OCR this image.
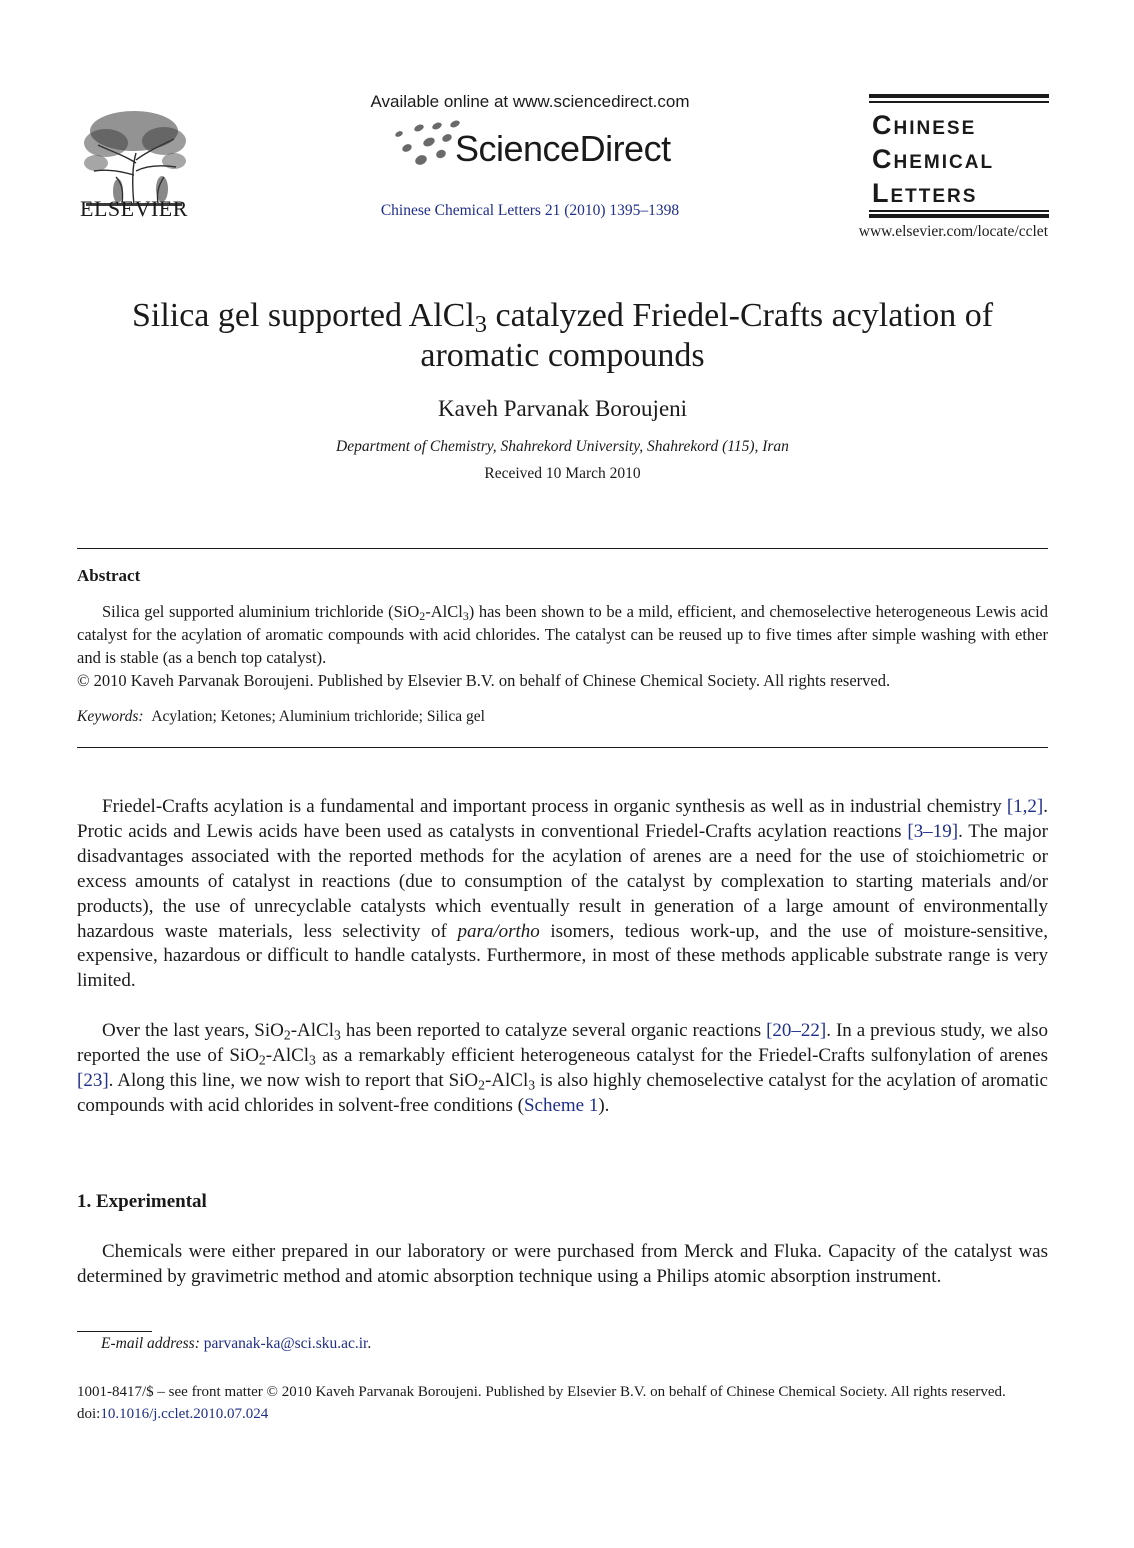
ELSEVIER
Available online at www.sciencedirect.com
ScienceDirect
Chinese Chemical Letters 21 (2010) 1395–1398
Chinese
Chemical
Letters
www.elsevier.com/locate/cclet
Silica gel supported AlCl$_3$ catalyzed Friedel-Crafts acylation of aromatic compounds
Kaveh Parvanak Boroujeni
Department of Chemistry, Shahrekord University, Shahrekord (115), Iran
Received 10 March 2010
Abstract

Silica gel supported aluminium trichloride (SiO$_2$-AlCl$_3$) has been shown to be a mild, efficient, and chemoselective heterogeneous Lewis acid catalyst for the acylation of aromatic compounds with acid chlorides. The catalyst can be reused up to five times after simple washing with ether and is stable (as a bench top catalyst).

© 2010 Kaveh Parvanak Boroujeni. Published by Elsevier B.V. on behalf of Chinese Chemical Society. All rights reserved.

Keywords: Acylation; Ketones; Aluminium trichloride; Silica gel

Friedel-Crafts acylation is a fundamental and important process in organic synthesis as well as in industrial chemistry [1,2]. Protic acids and Lewis acids have been used as catalysts in conventional Friedel-Crafts acylation reactions [3–19]. The major disadvantages associated with the reported methods for the acylation of arenes are a need for the use of stoichiometric or excess amounts of catalyst in reactions (due to consumption of the catalyst by complexation to starting materials and/or products), the use of unrecyclable catalysts which eventually result in generation of a large amount of environmentally hazardous waste materials, less selectivity of para/ortho isomers, tedious work-up, and the use of moisture-sensitive, expensive, hazardous or difficult to handle catalysts. Furthermore, in most of these methods applicable substrate range is very limited.

Over the last years, SiO$_2$-AlCl$_3$ has been reported to catalyze several organic reactions [20–22]. In a previous study, we also reported the use of SiO$_2$-AlCl$_3$ as a remarkably efficient heterogeneous catalyst for the Friedel-Crafts sulfonylation of arenes [23]. Along this line, we now wish to report that SiO$_2$-AlCl$_3$ is also highly chemoselective catalyst for the acylation of aromatic compounds with acid chlorides in solvent-free conditions (Scheme 1).

1. Experimental

Chemicals were either prepared in our laboratory or were purchased from Merck and Fluka. Capacity of the catalyst was determined by gravimetric method and atomic absorption technique using a Philips atomic absorption instrument.

E-mail address: parvanak-ka@sci.sku.ac.ir.
1001-8417/$ – see front matter © 2010 Kaveh Parvanak Boroujeni. Published by Elsevier B.V. on behalf of Chinese Chemical Society. All rights reserved.
doi:10.1016/j.cclet.2010.07.024
